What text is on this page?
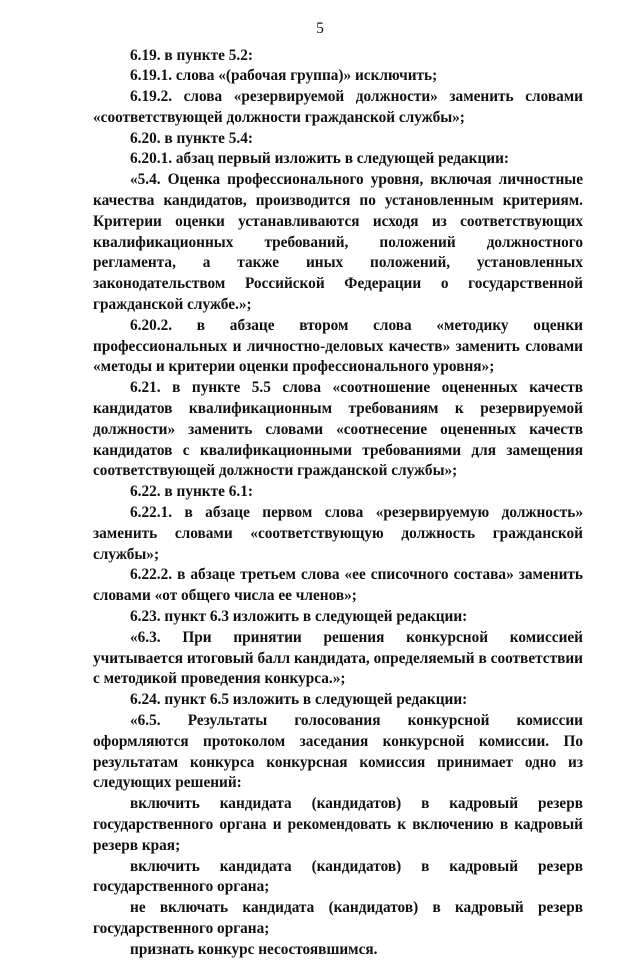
5

6.19. в пункте 5.2:

6.19.1. слова «(рабочая группа)» исключить;

6.19.2. слова «резервируемой должности» заменить словами «соответствующей должности гражданской службы»;

6.20. в пункте 5.4:

6.20.1. абзац первый изложить в следующей редакции:

«5.4. Оценка профессионального уровня, включая личностные качества кандидатов, производится по установленным критериям. Критерии оценки устанавливаются исходя из соответствующих квалификационных требований, положений должностного регламента, а также иных положений, установленных законодательством Российской Федерации о государственной гражданской службе.»;

6.20.2. в абзаце втором слова «методику оценки профессиональных и личностно-деловых качеств» заменить словами «методы и критерии оценки профессионального уровня»;

6.21. в пункте 5.5 слова «соотношение оцененных качеств кандидатов квалификационным требованиям к резервируемой должности» заменить словами «соотнесение оцененных качеств кандидатов с квалификационными требованиями для замещения соответствующей должности гражданской службы»;

6.22. в пункте 6.1:

6.22.1. в абзаце первом слова «резервируемую должность» заменить словами «соответствующую должность гражданской службы»;

6.22.2. в абзаце третьем слова «ее списочного состава» заменить словами «от общего числа ее членов»;

6.23. пункт 6.3 изложить в следующей редакции:

«6.3. При принятии решения конкурсной комиссией учитывается итоговый балл кандидата, определяемый в соответствии с методикой проведения конкурса.»;

6.24. пункт 6.5 изложить в следующей редакции:

«6.5. Результаты голосования конкурсной комиссии оформляются протоколом заседания конкурсной комиссии. По результатам конкурса конкурсная комиссия принимает одно из следующих решений:

включить кандидата (кандидатов) в кадровый резерв государственного органа и рекомендовать к включению в кадровый резерв края;

включить кандидата (кандидатов) в кадровый резерв государственного органа;

не включать кандидата (кандидатов) в кадровый резерв государственного органа;

признать конкурс несостоявшимся.
